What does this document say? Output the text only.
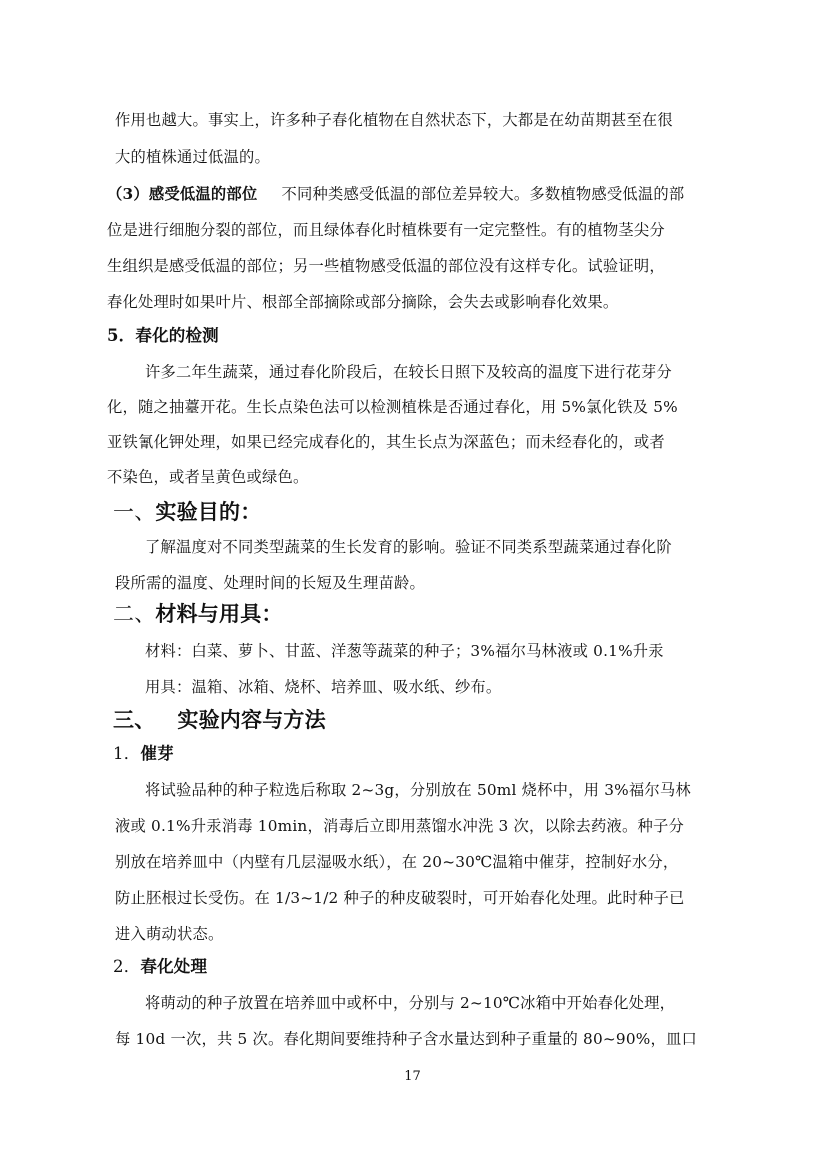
作用也越大。事实上，许多种子春化植物在自然状态下，大都是在幼苗期甚至在很
大的植株通过低温的。
（3）感受低温的部位 不同种类感受低温的部位差异较大。多数植物感受低温的部
位是进行细胞分裂的部位，而且绿体春化时植株要有一定完整性。有的植物茎尖分
生组织是感受低温的部位；另一些植物感受低温的部位没有这样专化。试验证明，
春化处理时如果叶片、根部全部摘除或部分摘除，会失去或影响春化效果。
5．春化的检测
许多二年生蔬菜，通过春化阶段后，在较长日照下及较高的温度下进行花芽分
化，随之抽薹开花。生长点染色法可以检测植株是否通过春化，用 5%氯化铁及 5%
亚铁氰化钾处理，如果已经完成春化的，其生长点为深蓝色；而未经春化的，或者
不染色，或者呈黄色或绿色。
一、实验目的：
了解温度对不同类型蔬菜的生长发育的影响。验证不同类系型蔬菜通过春化阶
段所需的温度、处理时间的长短及生理苗龄。
二、材料与用具：
材料：白菜、萝卜、甘蓝、洋葱等蔬菜的种子；3%福尔马林液或 0.1%升汞
用具：温箱、冰箱、烧杯、培养皿、吸水纸、纱布。
三、 实验内容与方法
1．催芽
将试验品种的种子粒选后称取 2~3g，分别放在 50ml 烧杯中，用 3%福尔马林
液或 0.1%升汞消毒 10min，消毒后立即用蒸馏水冲洗 3 次，以除去药液。种子分
别放在培养皿中（内壁有几层湿吸水纸），在 20~30℃温箱中催芽，控制好水分，
防止胚根过长受伤。在 1/3~1/2 种子的种皮破裂时，可开始春化处理。此时种子已
进入萌动状态。
2．春化处理
将萌动的种子放置在培养皿中或杯中，分别与 2~10℃冰箱中开始春化处理，
每 10d 一次，共 5 次。春化期间要维持种子含水量达到种子重量的 80~90%，皿口
17
